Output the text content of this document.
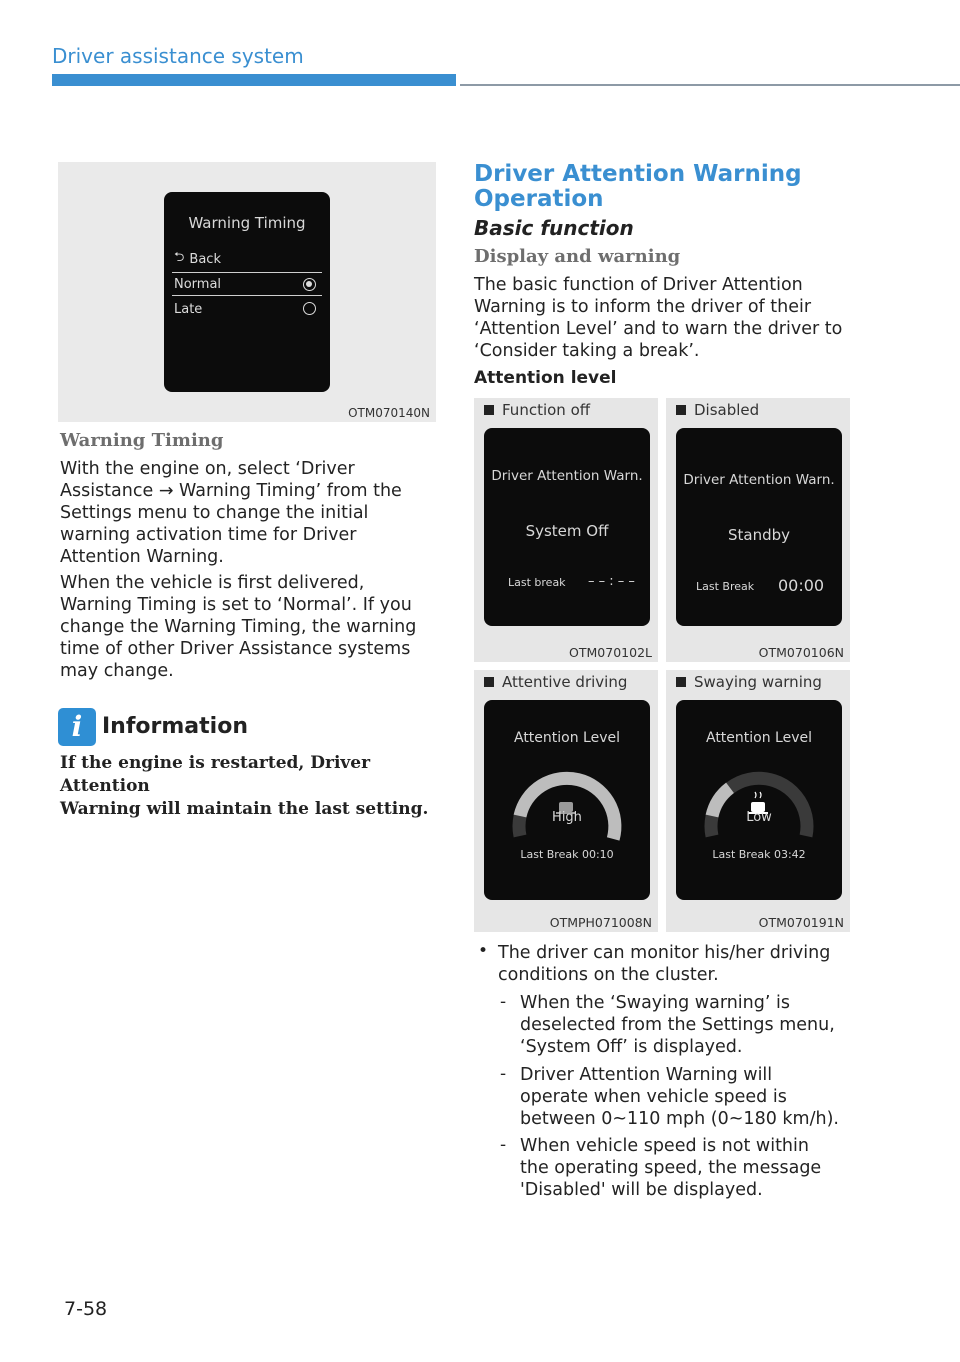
Driver assistance system
Warning Timing
⮌ Back
Normal
Late
OTM070140N
Warning Timing
With the engine on, select ‘Driver
Assistance → Warning Timing’ from the
Settings menu to change the initial
warning activation time for Driver
Attention Warning.
When the vehicle is first delivered,
Warning Timing is set to ‘Normal’. If you
change the Warning Timing, the warning
time of other Driver Assistance systems
may change.
i Information
If the engine is restarted, Driver Attention
Warning will maintain the last setting.
Driver Attention Warning
Operation
Basic function
Display and warning
The basic function of Driver Attention
Warning is to inform the driver of their
‘Attention Level’ and to warn the driver to
‘Consider taking a break’.
Attention level
Function off
Driver Attention Warn.
System Off
Last break – – : – –
OTM070102L
Disabled
Driver Attention Warn.
Standby
Last Break 00:00
OTM070106N
Attentive driving
Attention Level
High
Last Break 00:10
OTMPH071008N
Swaying warning
Attention Level
Low
Last Break 03:42
OTM070191N
• The driver can monitor his/her driving
conditions on the cluster.
- When the ‘Swaying warning’ is
deselected from the Settings menu,
‘System Off’ is displayed.
- Driver Attention Warning will
operate when vehicle speed is
between 0~110 mph (0~180 km/h).
- When vehicle speed is not within
the operating speed, the message
'Disabled' will be displayed.
7-58
